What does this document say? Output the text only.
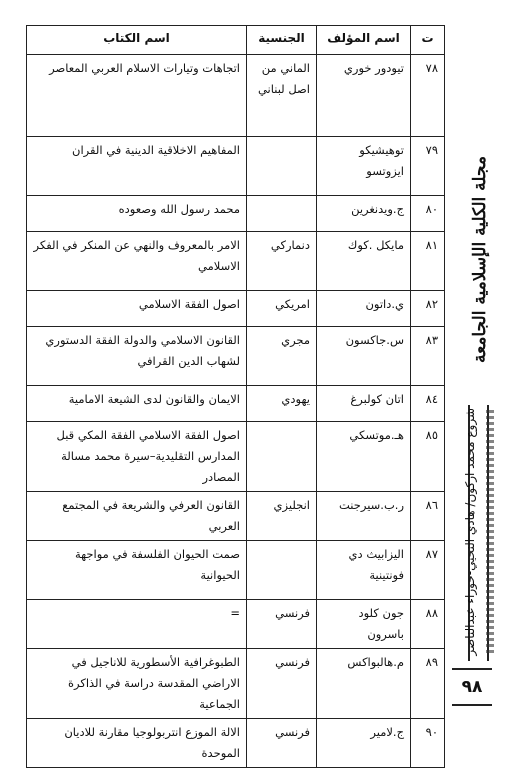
ت	اسم المؤلف	الجنسية	اسم الكتاب
٧٨	تيودور خوري	الماني من اصل لبناني	اتجاهات وتيارات الاسلام العربي المعاصر
٧٩	توهيشيكو ايزوتسو		المفاهيم الاخلاقية الدينية في القران
٨٠	ج.ويدنغرين		محمد رسول الله وصعوده
٨١	مايكل .كوك	دنماركي	الامر بالمعروف والنهي عن المنكر في الفكر الاسلامي
٨٢	ي.داتون	امريكي	اصول الفقة الاسلامي
٨٣	س.جاكسون	مجري	القانون الاسلامي والدولة الفقة الدستوري لشهاب الدين القرافي
٨٤	اتان كولبرغ	يهودي	الايمان والقانون لدى الشيعة الامامية
٨٥	هـ.موتسكي		اصول الفقة الاسلامي الفقة المكي قبل المدارس التقليدية–سيرة محمد مسالة المصادر
٨٦	ر.ب.سيرجنت	انجليزي	القانون العرفي والشريعة في المجتمع العربي
٨٧	اليزابيث دي فونتينية		صمت الحيوان الفلسفة في مواجهة الحيوانية
٨٨	جون كلود باسرون	فرنسي	=
٨٩	م.هالبواكس	فرنسي	الطبوغرافية الأسطورية للاناجيل في الاراضي المقدسة دراسة في الذاكرة الجماعية
٩٠	ج.لامير	فرنسي	الالة الموزع انتربولوجيا مقارنة للاديان الموحدة
مجلة الكلية الإسلامية الجامعة
شروع محمد اركون/ هادي النحيي-حوراء عبدالناصر
٩٨
